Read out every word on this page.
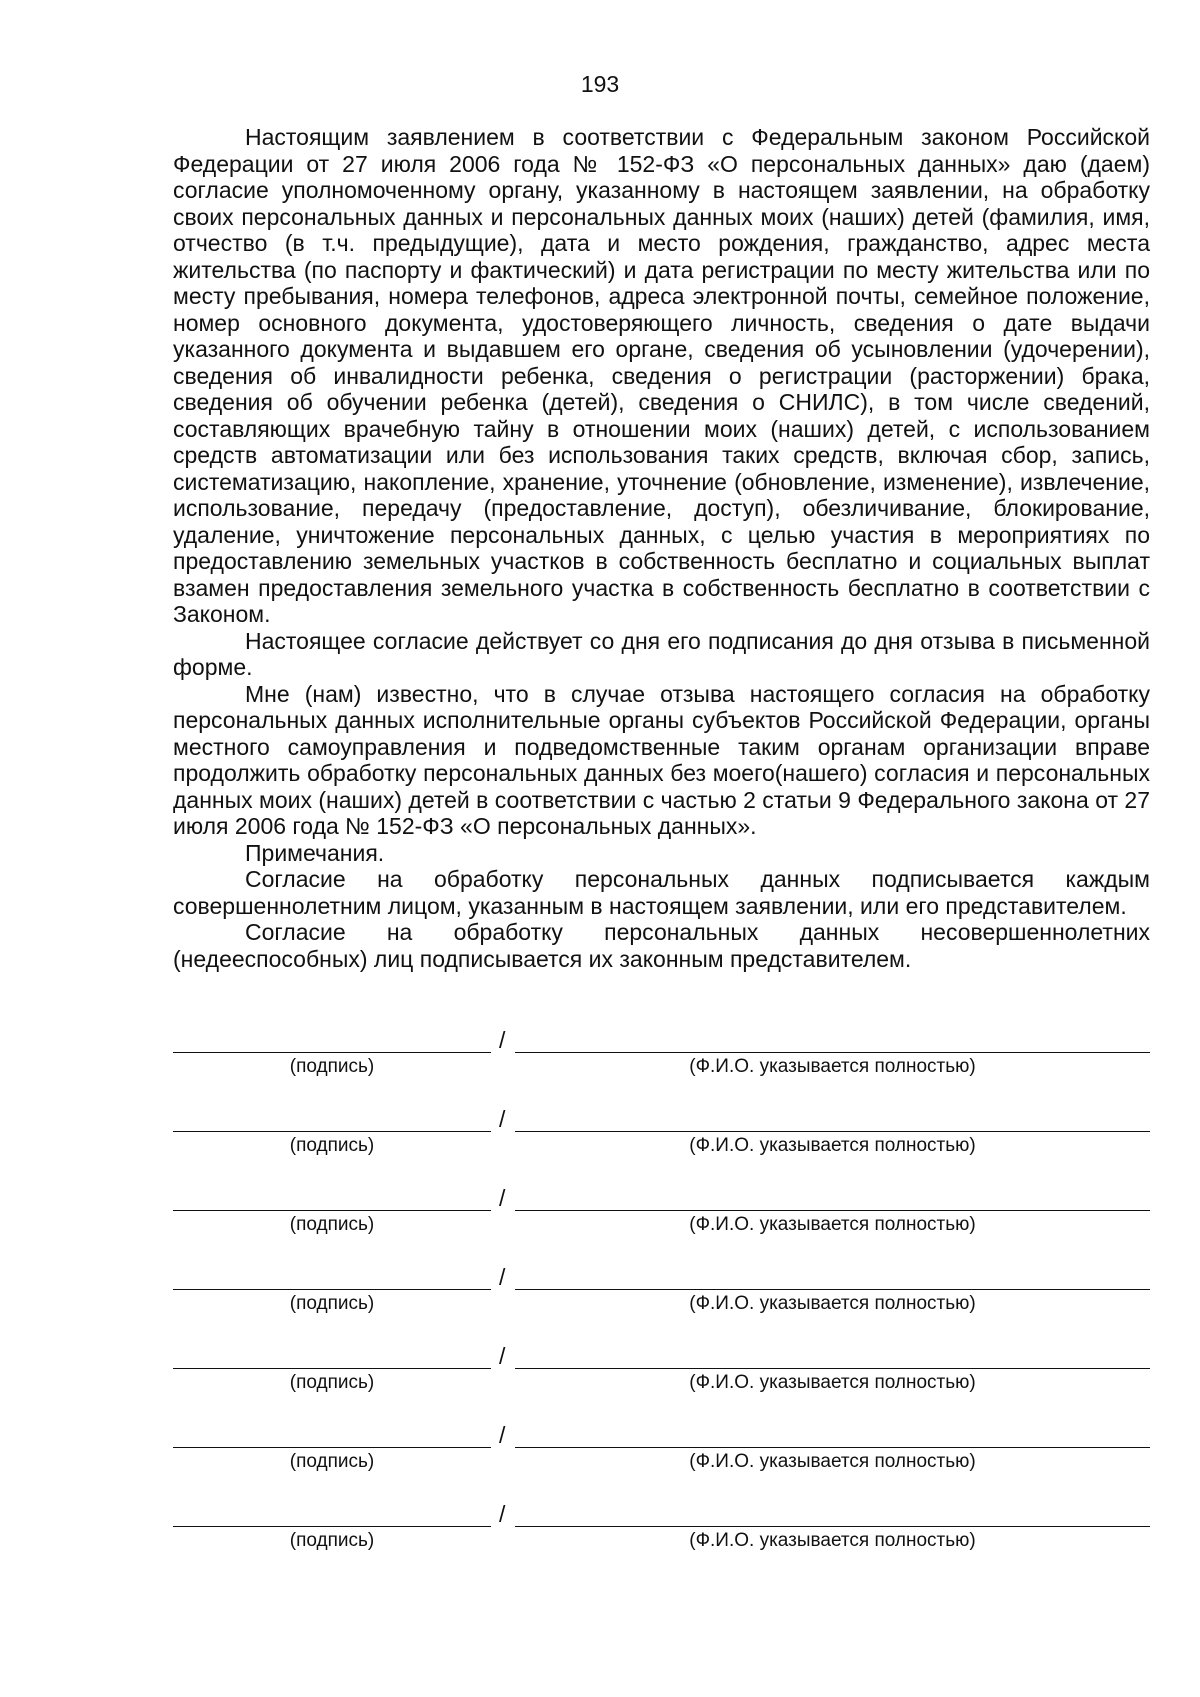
193

Настоящим заявлением в соответствии с Федеральным законом Российской Федерации от 27 июля 2006 года № 152-ФЗ «О персональных данных» даю (даем) согласие уполномоченному органу, указанному в настоящем заявлении, на обработку своих персональных данных и персональных данных моих (наших) детей (фамилия, имя, отчество (в т.ч. предыдущие), дата и место рождения, гражданство, адрес места жительства (по паспорту и фактический) и дата регистрации по месту жительства или по месту пребывания, номера телефонов, адреса электронной почты, семейное положение, номер основного документа, удостоверяющего личность, сведения о дате выдачи указанного документа и выдавшем его органе, сведения об усыновлении (удочерении), сведения об инвалидности ребенка, сведения о регистрации (расторжении) брака, сведения об обучении ребенка (детей), сведения о СНИЛС), в том числе сведений, составляющих врачебную тайну в отношении моих (наших) детей, с использованием средств автоматизации или без использования таких средств, включая сбор, запись, систематизацию, накопление, хранение, уточнение (обновление, изменение), извлечение, использование, передачу (предоставление, доступ), обезличивание, блокирование, удаление, уничтожение персональных данных, с целью участия в мероприятиях по предоставлению земельных участков в собственность бесплатно и социальных выплат взамен предоставления земельного участка в собственность бесплатно в соответствии с Законом.

Настоящее согласие действует со дня его подписания до дня отзыва в письменной форме.

Мне (нам) известно, что в случае отзыва настоящего согласия на обработку персональных данных исполнительные органы субъектов Российской Федерации, органы местного самоуправления и подведомственные таким органам организации вправе продолжить обработку персональных данных без моего(нашего) согласия и персональных данных моих (наших) детей в соответствии с частью 2 статьи 9 Федерального закона от 27 июля 2006 года № 152-ФЗ «О персональных данных».

Примечания.

Согласие на обработку персональных данных подписывается каждым совершеннолетним лицом, указанным в настоящем заявлении, или его представителем.

Согласие на обработку персональных данных несовершеннолетних (недееспособных) лиц подписывается их законным представителем.

/
(подпись)	(Ф.И.О. указывается полностью)
/
(подпись)	(Ф.И.О. указывается полностью)
/
(подпись)	(Ф.И.О. указывается полностью)
/
(подпись)	(Ф.И.О. указывается полностью)
/
(подпись)	(Ф.И.О. указывается полностью)
/
(подпись)	(Ф.И.О. указывается полностью)
/
(подпись)	(Ф.И.О. указывается полностью)
